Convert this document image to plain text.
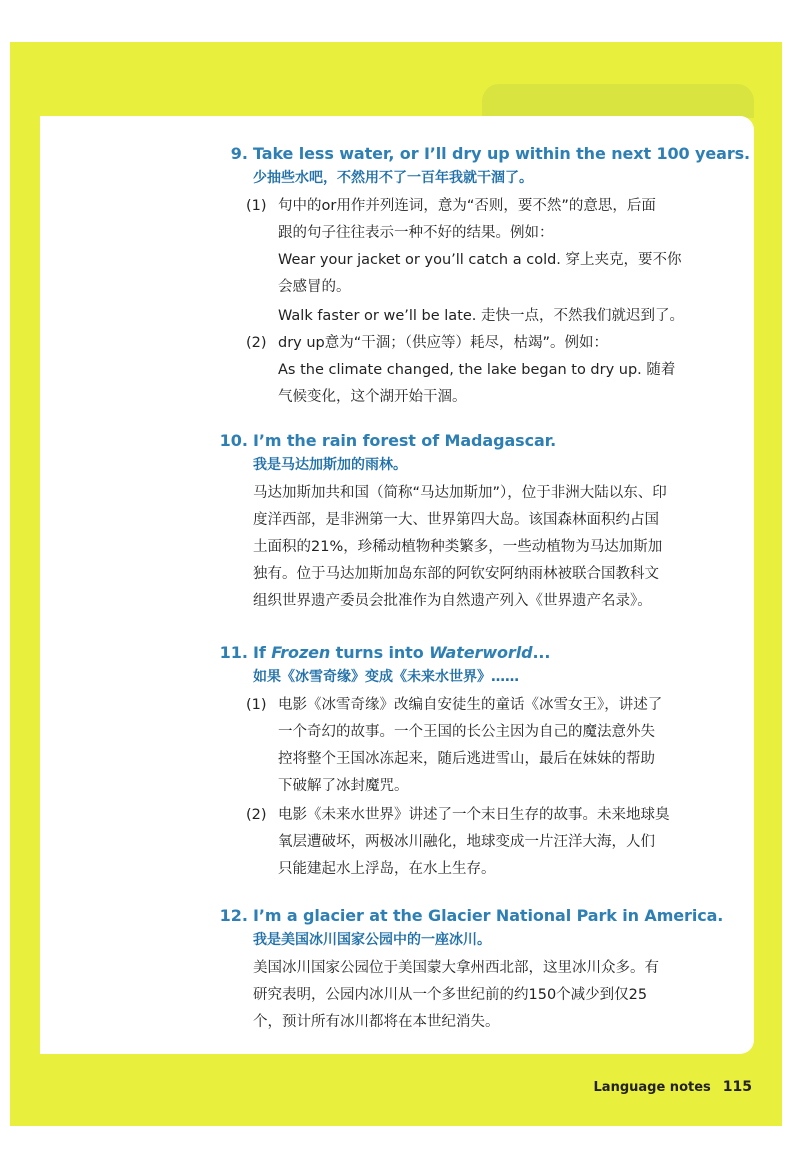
9. Take less water, or I’ll dry up within the next 100 years.
少抽些水吧，不然用不了一百年我就干涸了。
(1) 句中的or用作并列连词，意为“否则，要不然”的意思，后面
跟的句子往往表示一种不好的结果。例如：
Wear your jacket or you’ll catch a cold. 穿上夹克，要不你
会感冒的。
Walk faster or we’ll be late. 走快一点，不然我们就迟到了。
(2) dry up意为“干涸；（供应等）耗尽，枯竭”。例如：
As the climate changed, the lake began to dry up. 随着
气候变化，这个湖开始干涸。
10. I’m the rain forest of Madagascar.
我是马达加斯加的雨林。
马达加斯加共和国（简称“马达加斯加”），位于非洲大陆以东、印
度洋西部，是非洲第一大、世界第四大岛。该国森林面积约占国
土面积的21%，珍稀动植物种类繁多，一些动植物为马达加斯加
独有。位于马达加斯加岛东部的阿钦安阿纳雨林被联合国教科文
组织世界遗产委员会批准作为自然遗产列入《世界遗产名录》。
11. If Frozen turns into Waterworld...
如果《冰雪奇缘》变成《未来水世界》……
(1) 电影《冰雪奇缘》改编自安徒生的童话《冰雪女王》，讲述了
一个奇幻的故事。一个王国的长公主因为自己的魔法意外失
控将整个王国冰冻起来，随后逃进雪山，最后在妹妹的帮助
下破解了冰封魔咒。
(2) 电影《未来水世界》讲述了一个末日生存的故事。未来地球臭
氧层遭破坏，两极冰川融化，地球变成一片汪洋大海，人们
只能建起水上浮岛，在水上生存。
12. I’m a glacier at the Glacier National Park in America.
我是美国冰川国家公园中的一座冰川。
美国冰川国家公园位于美国蒙大拿州西北部，这里冰川众多。有
研究表明，公园内冰川从一个多世纪前的约150个减少到仅25
个，预计所有冰川都将在本世纪消失。
Language notes 115
